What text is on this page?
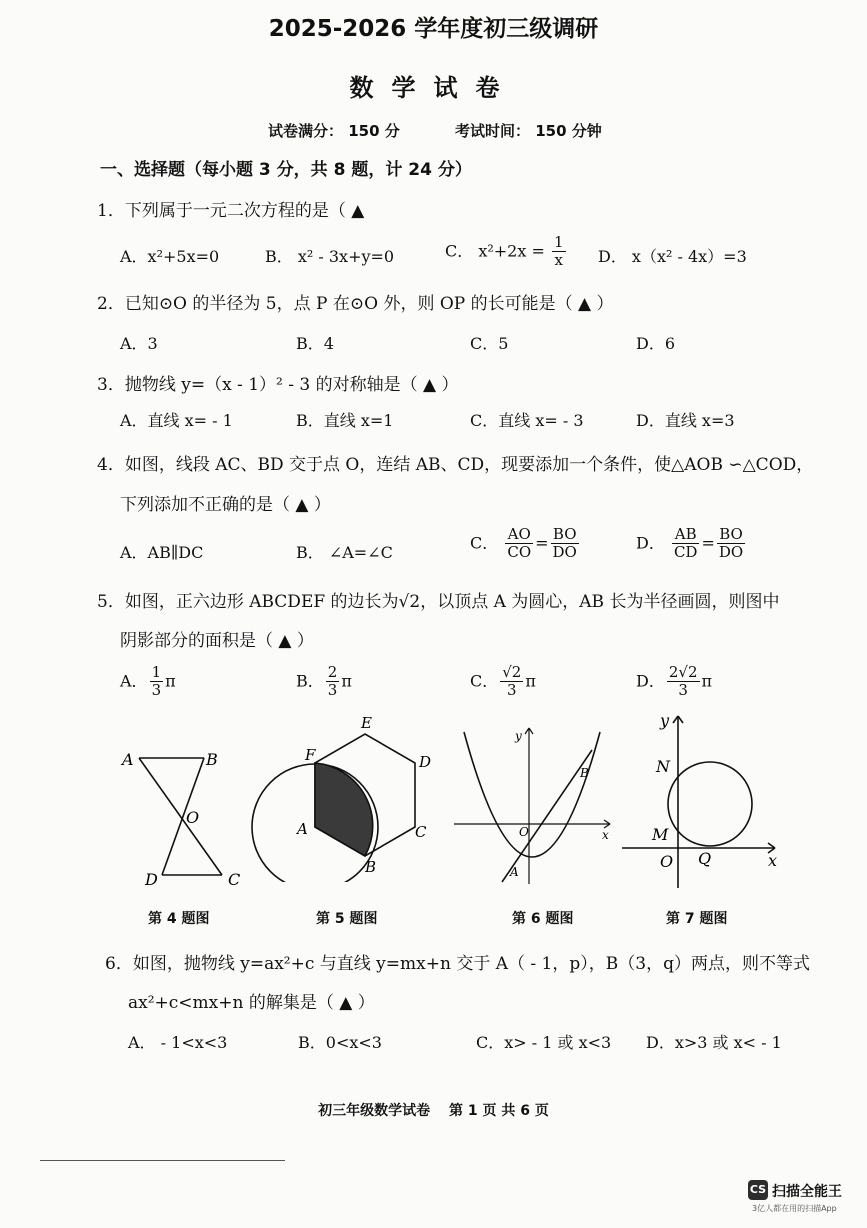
2025-2026 学年度初三级调研
数学试卷
试卷满分： 150 分	考试时间： 150 分钟
一、选择题（每小题 3 分，共 8 题，计 24 分）
1．下列属于一元二次方程的是（ ▲
A．x²+5x=0	B． x² - 3x+y=0	C． $x^2+2x = \frac{1}{x}$ D． x（x² - 4x）=3
2．已知⊙O 的半径为 5，点 P 在⊙O 外，则 OP 的长可能是（ ▲ ）
A．3	B．4	C．5	D．6
3．抛物线 y=（x - 1）² - 3 的对称轴是（ ▲ ）
A．直线 x= - 1	B．直线 x=1	C．直线 x= - 3	D．直线 x=3
4．如图，线段 AC、BD 交于点 O，连结 AB、CD，现要添加一个条件，使△AOB ∽△COD，
下列添加不正确的是（ ▲ ）
A．AB∥DC	B． ∠A=∠C
C． $\frac{AO}{CO} = \frac{BO}{DO}$	D． $\frac{AB}{CD} = \frac{BO}{DO}$
5．如图，正六边形 ABCDEF 的边长为√2，以顶点 A 为圆心，AB 长为半径画圆，则图中
阴影部分的面积是（ ▲ ）
A． $\frac{1}{3}$ π	B． $\frac{2}{3}$ π	C． $\frac{√2}{3}$ π	D． $\frac{2√2}{3}$ π
A	B
O
D	C
第 4 题图
E
F	D
A	C
B
第 5 题图
y
x
O
A
B
第 6 题图
y
N
M
O Q	x
第 7 题图
6．如图，抛物线 y=ax²+c 与直线 y=mx+n 交于 A（ - 1，p），B（3，q）两点，则不等式
ax²+c<mx+n 的解集是（ ▲ ）
A． - 1<x<3	B．0<x<3	C．x> - 1 或 x<3 D．x>3 或 x< - 1
初三年级数学试卷　 第 1 页 共 6 页
CS 扫描全能王
3亿人都在用的扫描App
